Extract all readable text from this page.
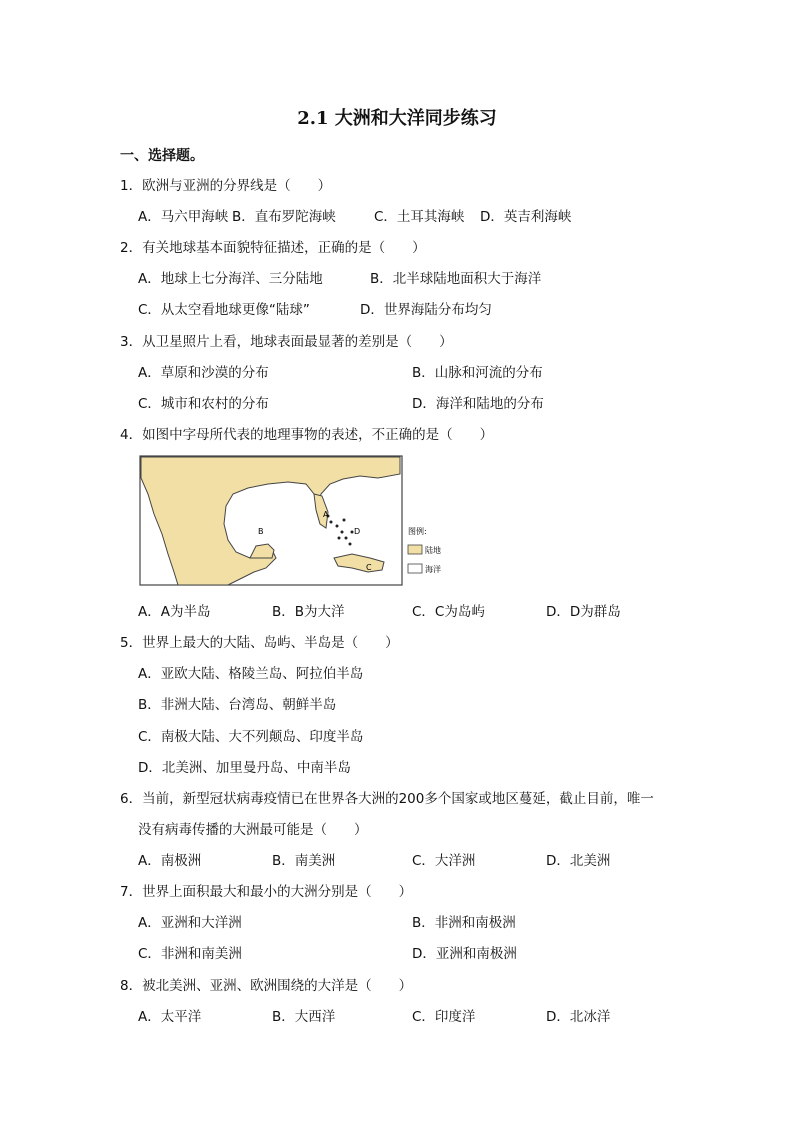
2.1 大洲和大洋同步练习
一、选择题。
1．欧洲与亚洲的分界线是（　　）
A．马六甲海峡 B．直布罗陀海峡	C．土耳其海峡 D．英吉利海峡
2．有关地球基本面貌特征描述，正确的是（　　）
A．地球上七分海洋、三分陆地	B．北半球陆地面积大于海洋
C．从太空看地球更像“陆球”	D．世界海陆分布均匀
3．从卫星照片上看，地球表面最显著的差别是（　　）
A．草原和沙漠的分布	B．山脉和河流的分布
C．城市和农村的分布	D．海洋和陆地的分布
4．如图中字母所代表的地理事物的表述，不正确的是（　　）
A
B
C
D	图例:
陆地
海洋
A．A为半岛	B．B为大洋	C．C为岛屿	D．D为群岛
5．世界上最大的大陆、岛屿、半岛是（　　）
A．亚欧大陆、格陵兰岛、阿拉伯半岛
B．非洲大陆、台湾岛、朝鲜半岛
C．南极大陆、大不列颠岛、印度半岛
D．北美洲、加里曼丹岛、中南半岛
6．当前，新型冠状病毒疫情已在世界各大洲的200多个国家或地区蔓延，截止目前，唯一
没有病毒传播的大洲最可能是（　　）
A．南极洲	B．南美洲	C．大洋洲	D．北美洲
7．世界上面积最大和最小的大洲分别是（　　）
A．亚洲和大洋洲	B．非洲和南极洲
C．非洲和南美洲	D．亚洲和南极洲
8．被北美洲、亚洲、欧洲围绕的大洋是（　　）
A．太平洋	B．大西洋	C．印度洋	D．北冰洋
